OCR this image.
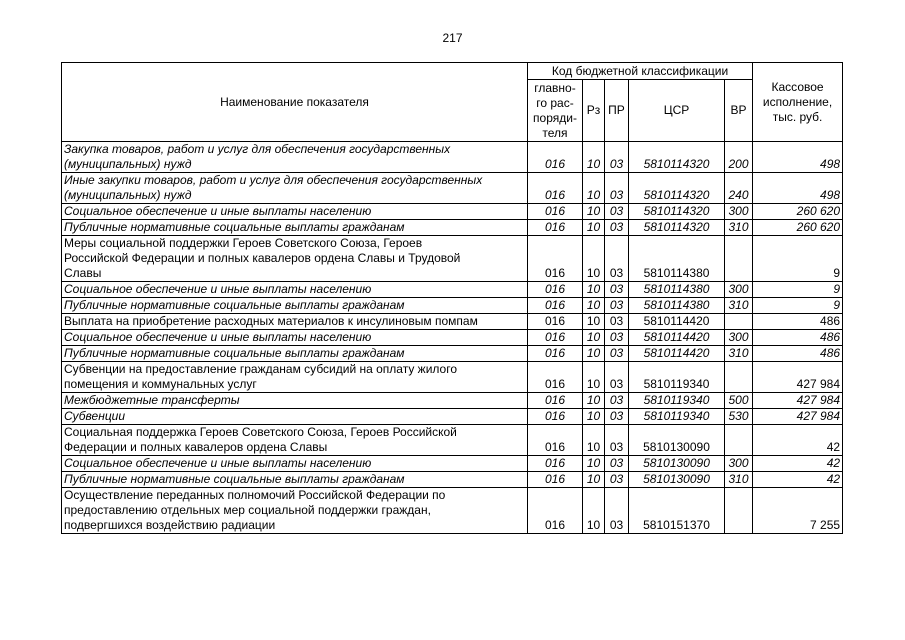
217
Наименование показателя	Код бюджетной классификации					Кассовое
исполнение,
тыс. руб.

	главно-
го рас-
поряди-
теля	Рз	ПР	ЦСР	ВР	

Закупка товаров, работ и услуг для обеспечения государственных
(муниципальных) нужд	016	10	03	5810114320	200	498

Иные закупки товаров, работ и услуг для обеспечения государственных
(муниципальных) нужд	016	10	03	5810114320	240	498

Социальное обеспечение и иные выплаты населению	016	10	03	5810114320	300	260 620

Публичные нормативные социальные выплаты гражданам	016	10	03	5810114320	310	260 620

Меры социальной поддержки Героев Советского Союза, Героев
Российской Федерации и полных кавалеров ордена Славы и Трудовой
Славы	016	10	03	5810114380		9

Социальное обеспечение и иные выплаты населению	016	10	03	5810114380	300	9

Публичные нормативные социальные выплаты гражданам	016	10	03	5810114380	310	9

Выплата на приобретение расходных материалов к инсулиновым помпам	016	10	03	5810114420		486

Социальное обеспечение и иные выплаты населению	016	10	03	5810114420	300	486

Публичные нормативные социальные выплаты гражданам	016	10	03	5810114420	310	486

Субвенции на предоставление гражданам субсидий на оплату жилого
помещения и коммунальных услуг	016	10	03	5810119340		427 984

Межбюджетные трансферты	016	10	03	5810119340	500	427 984

Субвенции	016	10	03	5810119340	530	427 984

Социальная поддержка Героев Советского Союза, Героев Российской
Федерации и полных кавалеров ордена Славы	016	10	03	5810130090		42

Социальное обеспечение и иные выплаты населению	016	10	03	5810130090	300	42

Публичные нормативные социальные выплаты гражданам	016	10	03	5810130090	310	42

Осуществление переданных полномочий Российской Федерации по
предоставлению отдельных мер социальной поддержки граждан,
подвергшихся воздействию радиации	016	10	03	5810151370		7 255
